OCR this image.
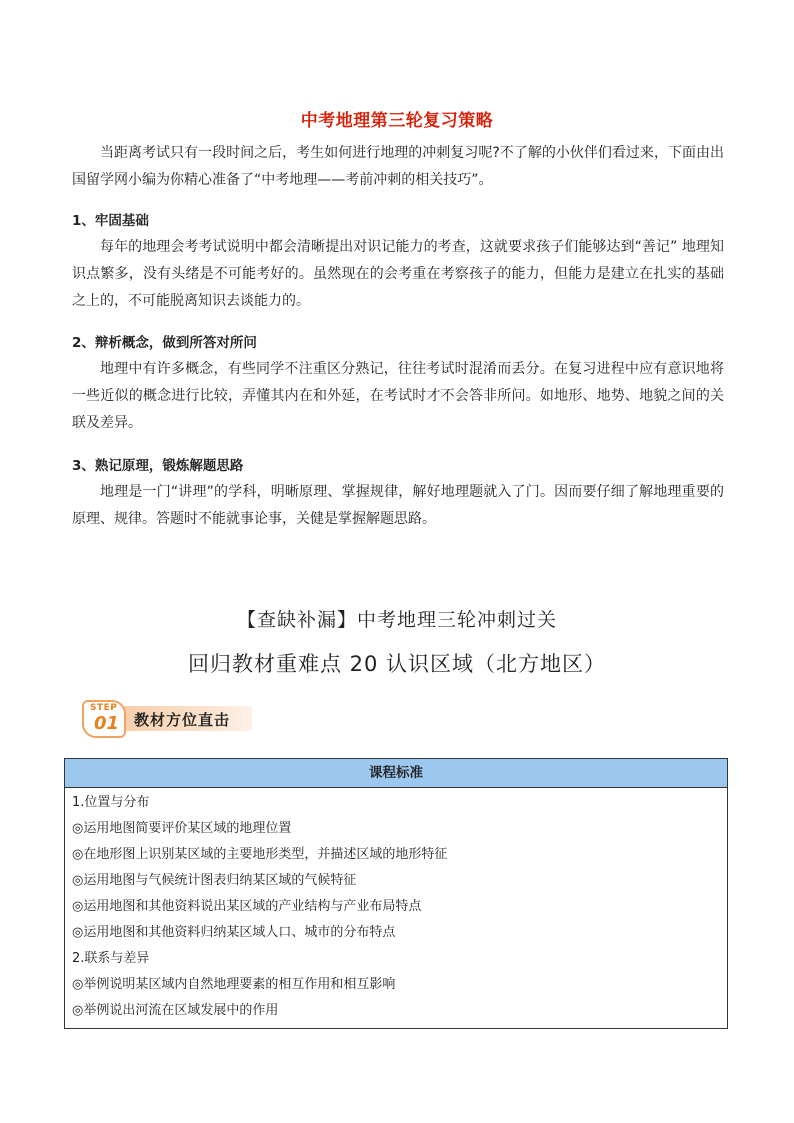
中考地理第三轮复习策略
当距离考试只有一段时间之后，考生如何进行地理的冲刺复习呢?不了解的小伙伴们看过来，下面由出国留学网小编为你精心准备了“中考地理——考前冲刺的相关技巧”。
1、牢固基础
每年的地理会考考试说明中都会清晰提出对识记能力的考查，这就要求孩子们能够达到“善记” 地理知识点繁多，没有头绪是不可能考好的。虽然现在的会考重在考察孩子的能力，但能力是建立在扎实的基础之上的，不可能脱离知识去谈能力的。
2、辩析概念，做到所答对所问
地理中有许多概念，有些同学不注重区分熟记，往往考试时混淆而丢分。在复习进程中应有意识地将一些近似的概念进行比较，弄懂其内在和外延，在考试时才不会答非所问。如地形、地势、地貌之间的关联及差异。
3、熟记原理，锻炼解题思路
地理是一门“讲理”的学科，明晰原理、掌握规律，解好地理题就入了门。因而要仔细了解地理重要的原理、规律。答题时不能就事论事，关健是掌握解题思路。
【查缺补漏】中考地理三轮冲刺过关
回归教材重难点 20 认识区域（北方地区）
STEP
01 教材方位直击
课程标准
1.位置与分布
◎运用地图简要评价某区域的地理位置
◎在地形图上识别某区域的主要地形类型，并描述区域的地形特征
◎运用地图与气候统计图表归纳某区域的气候特征
◎运用地图和其他资料说出某区域的产业结构与产业布局特点
◎运用地图和其他资料归纳某区域人口、城市的分布特点
2.联系与差异
◎举例说明某区域内自然地理要素的相互作用和相互影响
◎举例说出河流在区域发展中的作用
